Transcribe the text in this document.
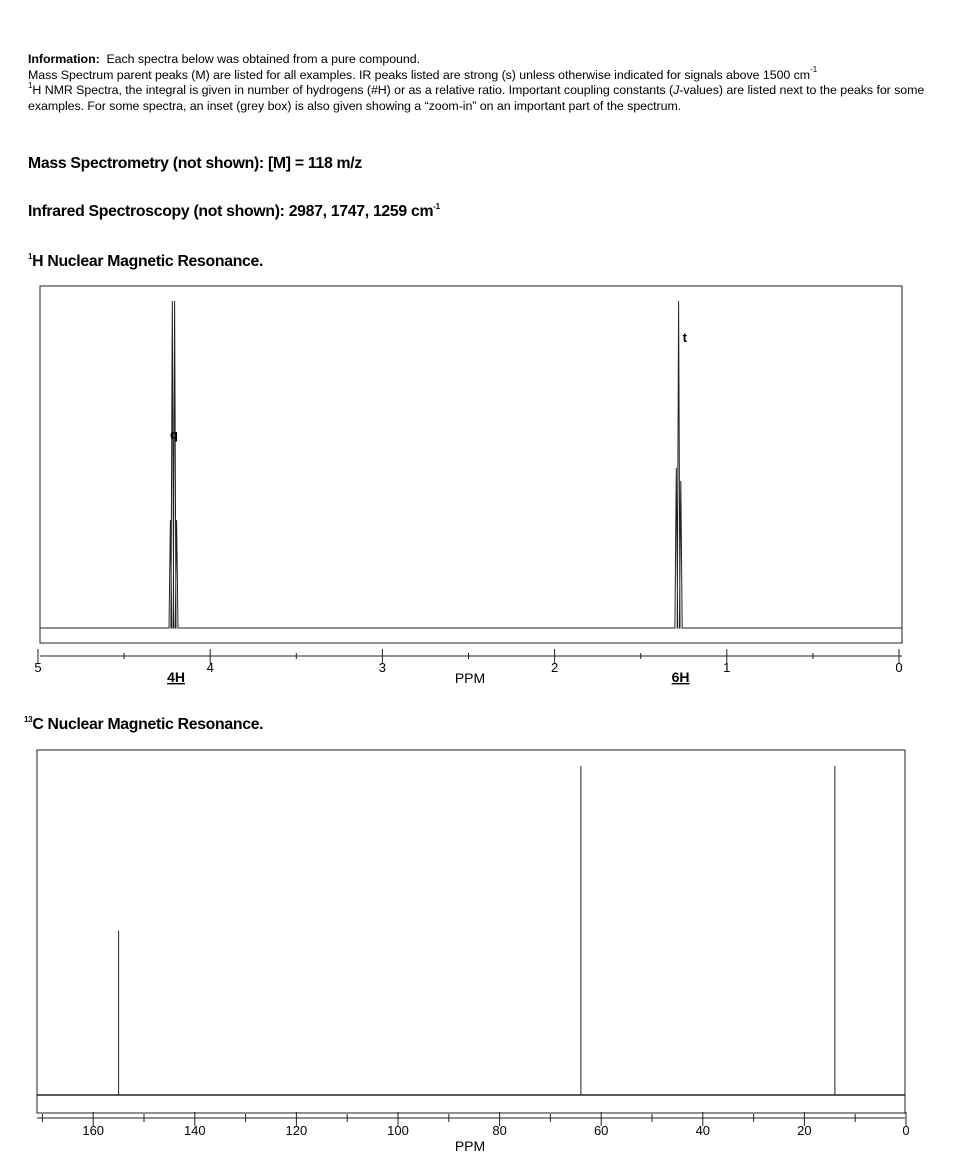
Information: Each spectra below was obtained from a pure compound.

Mass Spectrum parent peaks (M) are listed for all examples. IR peaks listed are strong (s) unless otherwise indicated for signals above 1500 $cm^{-1}$

$^1$H NMR Spectra, the integral is given in number of hydrogens (#H) or as a relative ratio. Important coupling constants (J-values) are listed next to the peaks for some examples. For some spectra, an inset (grey box) is also given showing a “zoom-in” on an important part of the spectrum.

Mass Spectrometry (not shown): [M] = 118 m/z
Infrared Spectroscopy (not shown): 2987, 1747, 1259 $cm^{-1}$
$^1$H Nuclear Magnetic Resonance.
5	4	3	2	1	0
q
t
4H	6H
PPM
$^{13}$C Nuclear Magnetic Resonance.
160	140	120	100	80	60	40	20	0
PPM
